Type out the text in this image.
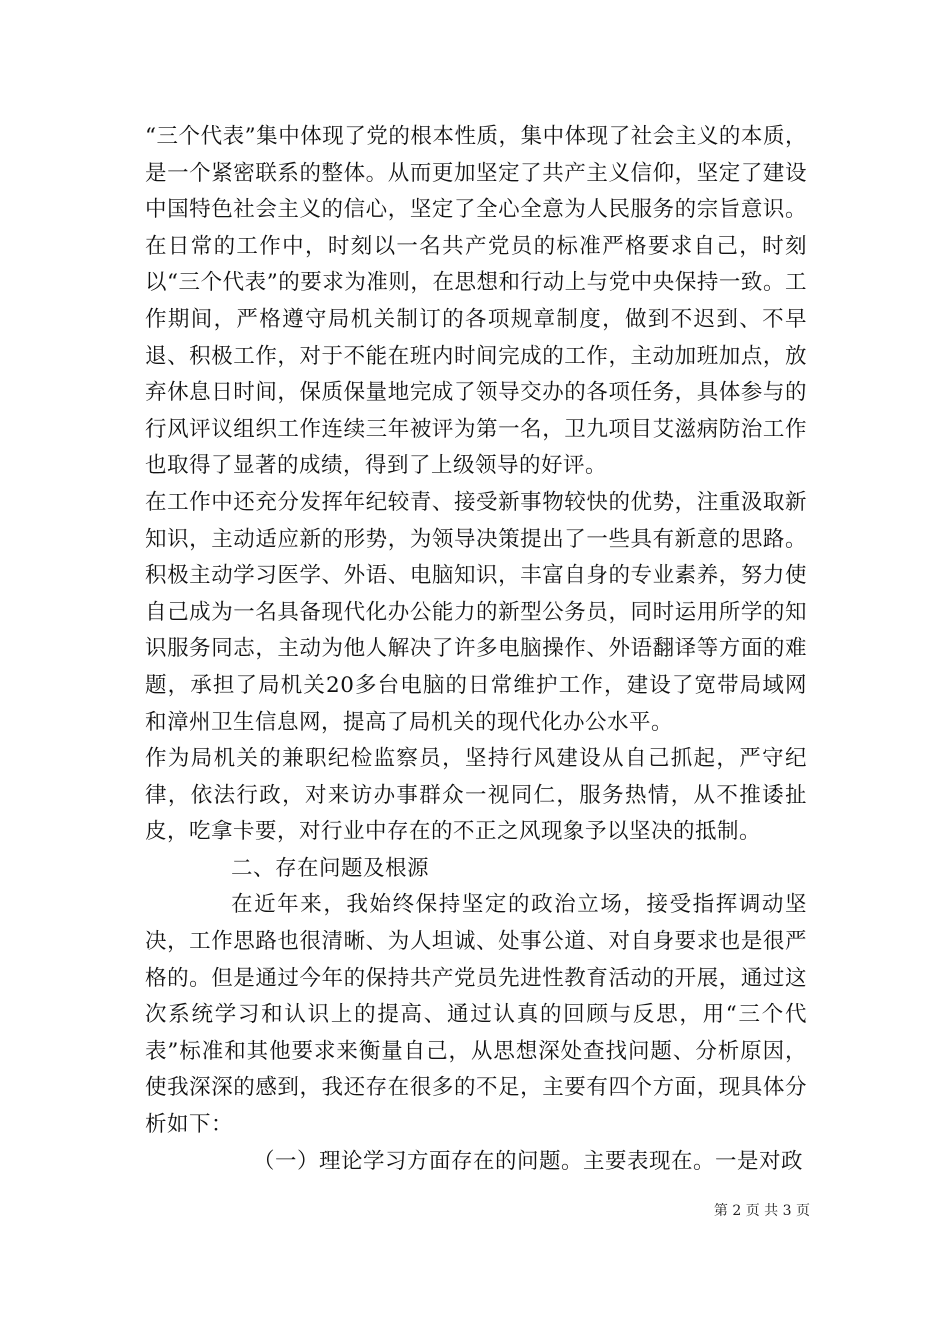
“三个代表”集中体现了党的根本性质，集中体现了社会主义的本质，是一个紧密联系的整体。从而更加坚定了共产主义信仰，坚定了建设中国特色社会主义的信心，坚定了全心全意为人民服务的宗旨意识。在日常的工作中，时刻以一名共产党员的标准严格要求自己，时刻以“三个代表”的要求为准则，在思想和行动上与党中央保持一致。工作期间，严格遵守局机关制订的各项规章制度，做到不迟到、不早退、积极工作，对于不能在班内时间完成的工作，主动加班加点，放弃休息日时间，保质保量地完成了领导交办的各项任务，具体参与的行风评议组织工作连续三年被评为第一名，卫九项目艾滋病防治工作也取得了显著的成绩，得到了上级领导的好评。

在工作中还充分发挥年纪较青、接受新事物较快的优势，注重汲取新知识，主动适应新的形势，为领导决策提出了一些具有新意的思路。积极主动学习医学、外语、电脑知识，丰富自身的专业素养，努力使自己成为一名具备现代化办公能力的新型公务员，同时运用所学的知识服务同志，主动为他人解决了许多电脑操作、外语翻译等方面的难题，承担了局机关20多台电脑的日常维护工作，建设了宽带局域网和漳州卫生信息网，提高了局机关的现代化办公水平。

作为局机关的兼职纪检监察员，坚持行风建设从自己抓起，严守纪律，依法行政，对来访办事群众一视同仁，服务热情，从不推诿扯皮，吃拿卡要，对行业中存在的不正之风现象予以坚决的抵制。

二、存在问题及根源

在近年来，我始终保持坚定的政治立场，接受指挥调动坚决，工作思路也很清晰、为人坦诚、处事公道、对自身要求也是很严格的。但是通过今年的保持共产党员先进性教育活动的开展，通过这次系统学习和认识上的提高、通过认真的回顾与反思，用“三个代表”标准和其他要求来衡量自己，从思想深处查找问题、分析原因，使我深深的感到，我还存在很多的不足，主要有四个方面，现具体分析如下：

（一）理论学习方面存在的问题。主要表现在。一是对政

第 2 页 共 3 页
